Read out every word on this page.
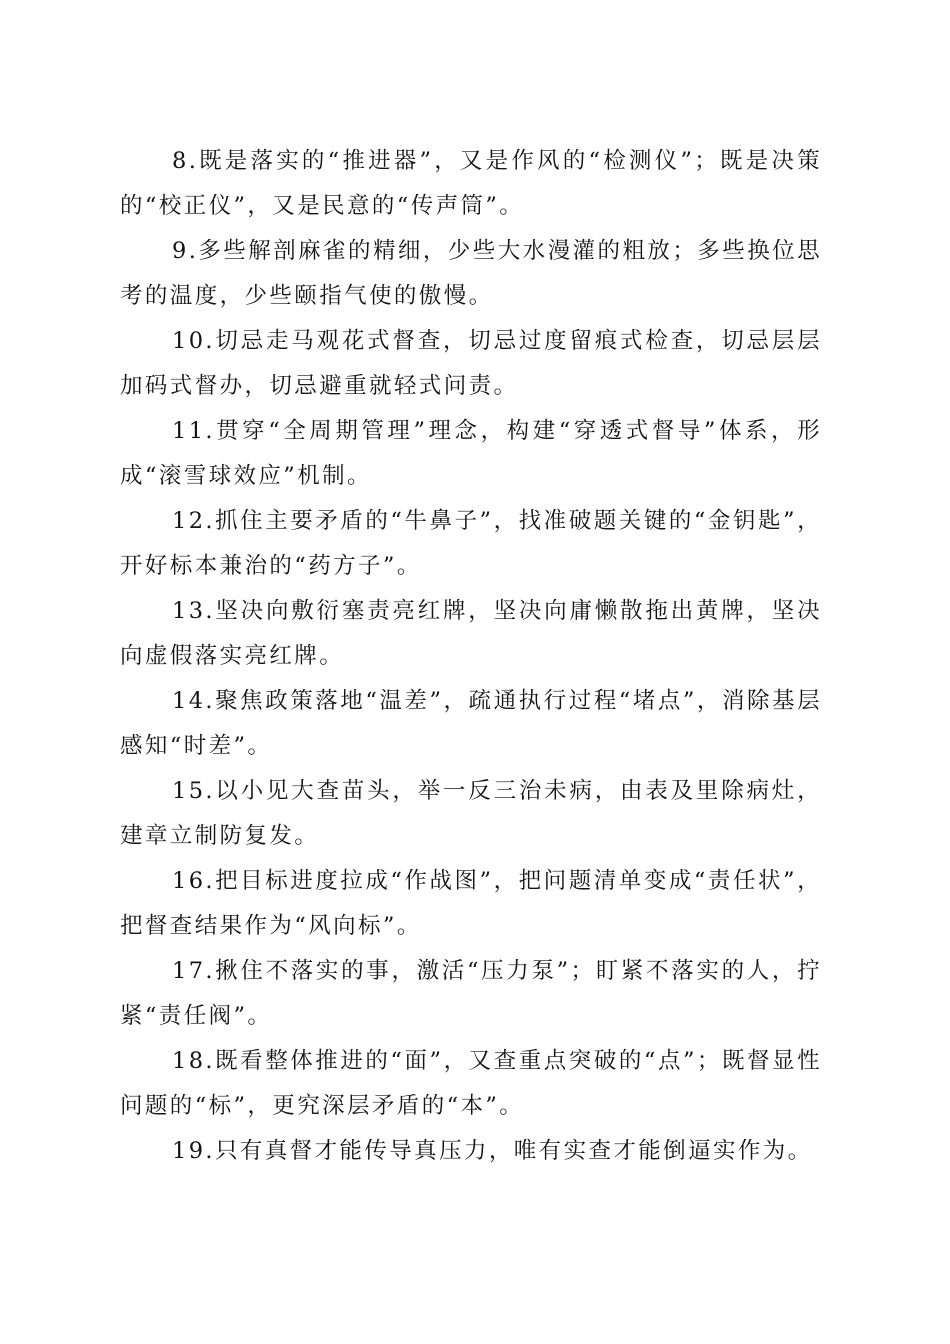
8.既是落实的“推进器”，又是作风的“检测仪”；既是决策的“校正仪”，又是民意的“传声筒”。

9.多些解剖麻雀的精细，少些大水漫灌的粗放；多些换位思考的温度，少些颐指气使的傲慢。

10.切忌走马观花式督查，切忌过度留痕式检查，切忌层层加码式督办，切忌避重就轻式问责。

11.贯穿“全周期管理”理念，构建“穿透式督导”体系，形成“滚雪球效应”机制。

12.抓住主要矛盾的“牛鼻子”，找准破题关键的“金钥匙”，开好标本兼治的“药方子”。

13.坚决向敷衍塞责亮红牌，坚决向庸懒散拖出黄牌，坚决向虚假落实亮红牌。

14.聚焦政策落地“温差”，疏通执行过程“堵点”，消除基层感知“时差”。

15.以小见大查苗头，举一反三治未病，由表及里除病灶，建章立制防复发。

16.把目标进度拉成“作战图”，把问题清单变成“责任状”，把督查结果作为“风向标”。

17.揪住不落实的事，激活“压力泵”；盯紧不落实的人，拧紧“责任阀”。

18.既看整体推进的“面”，又查重点突破的“点”；既督显性问题的“标”，更究深层矛盾的“本”。

19.只有真督才能传导真压力，唯有实查才能倒逼实作为。
